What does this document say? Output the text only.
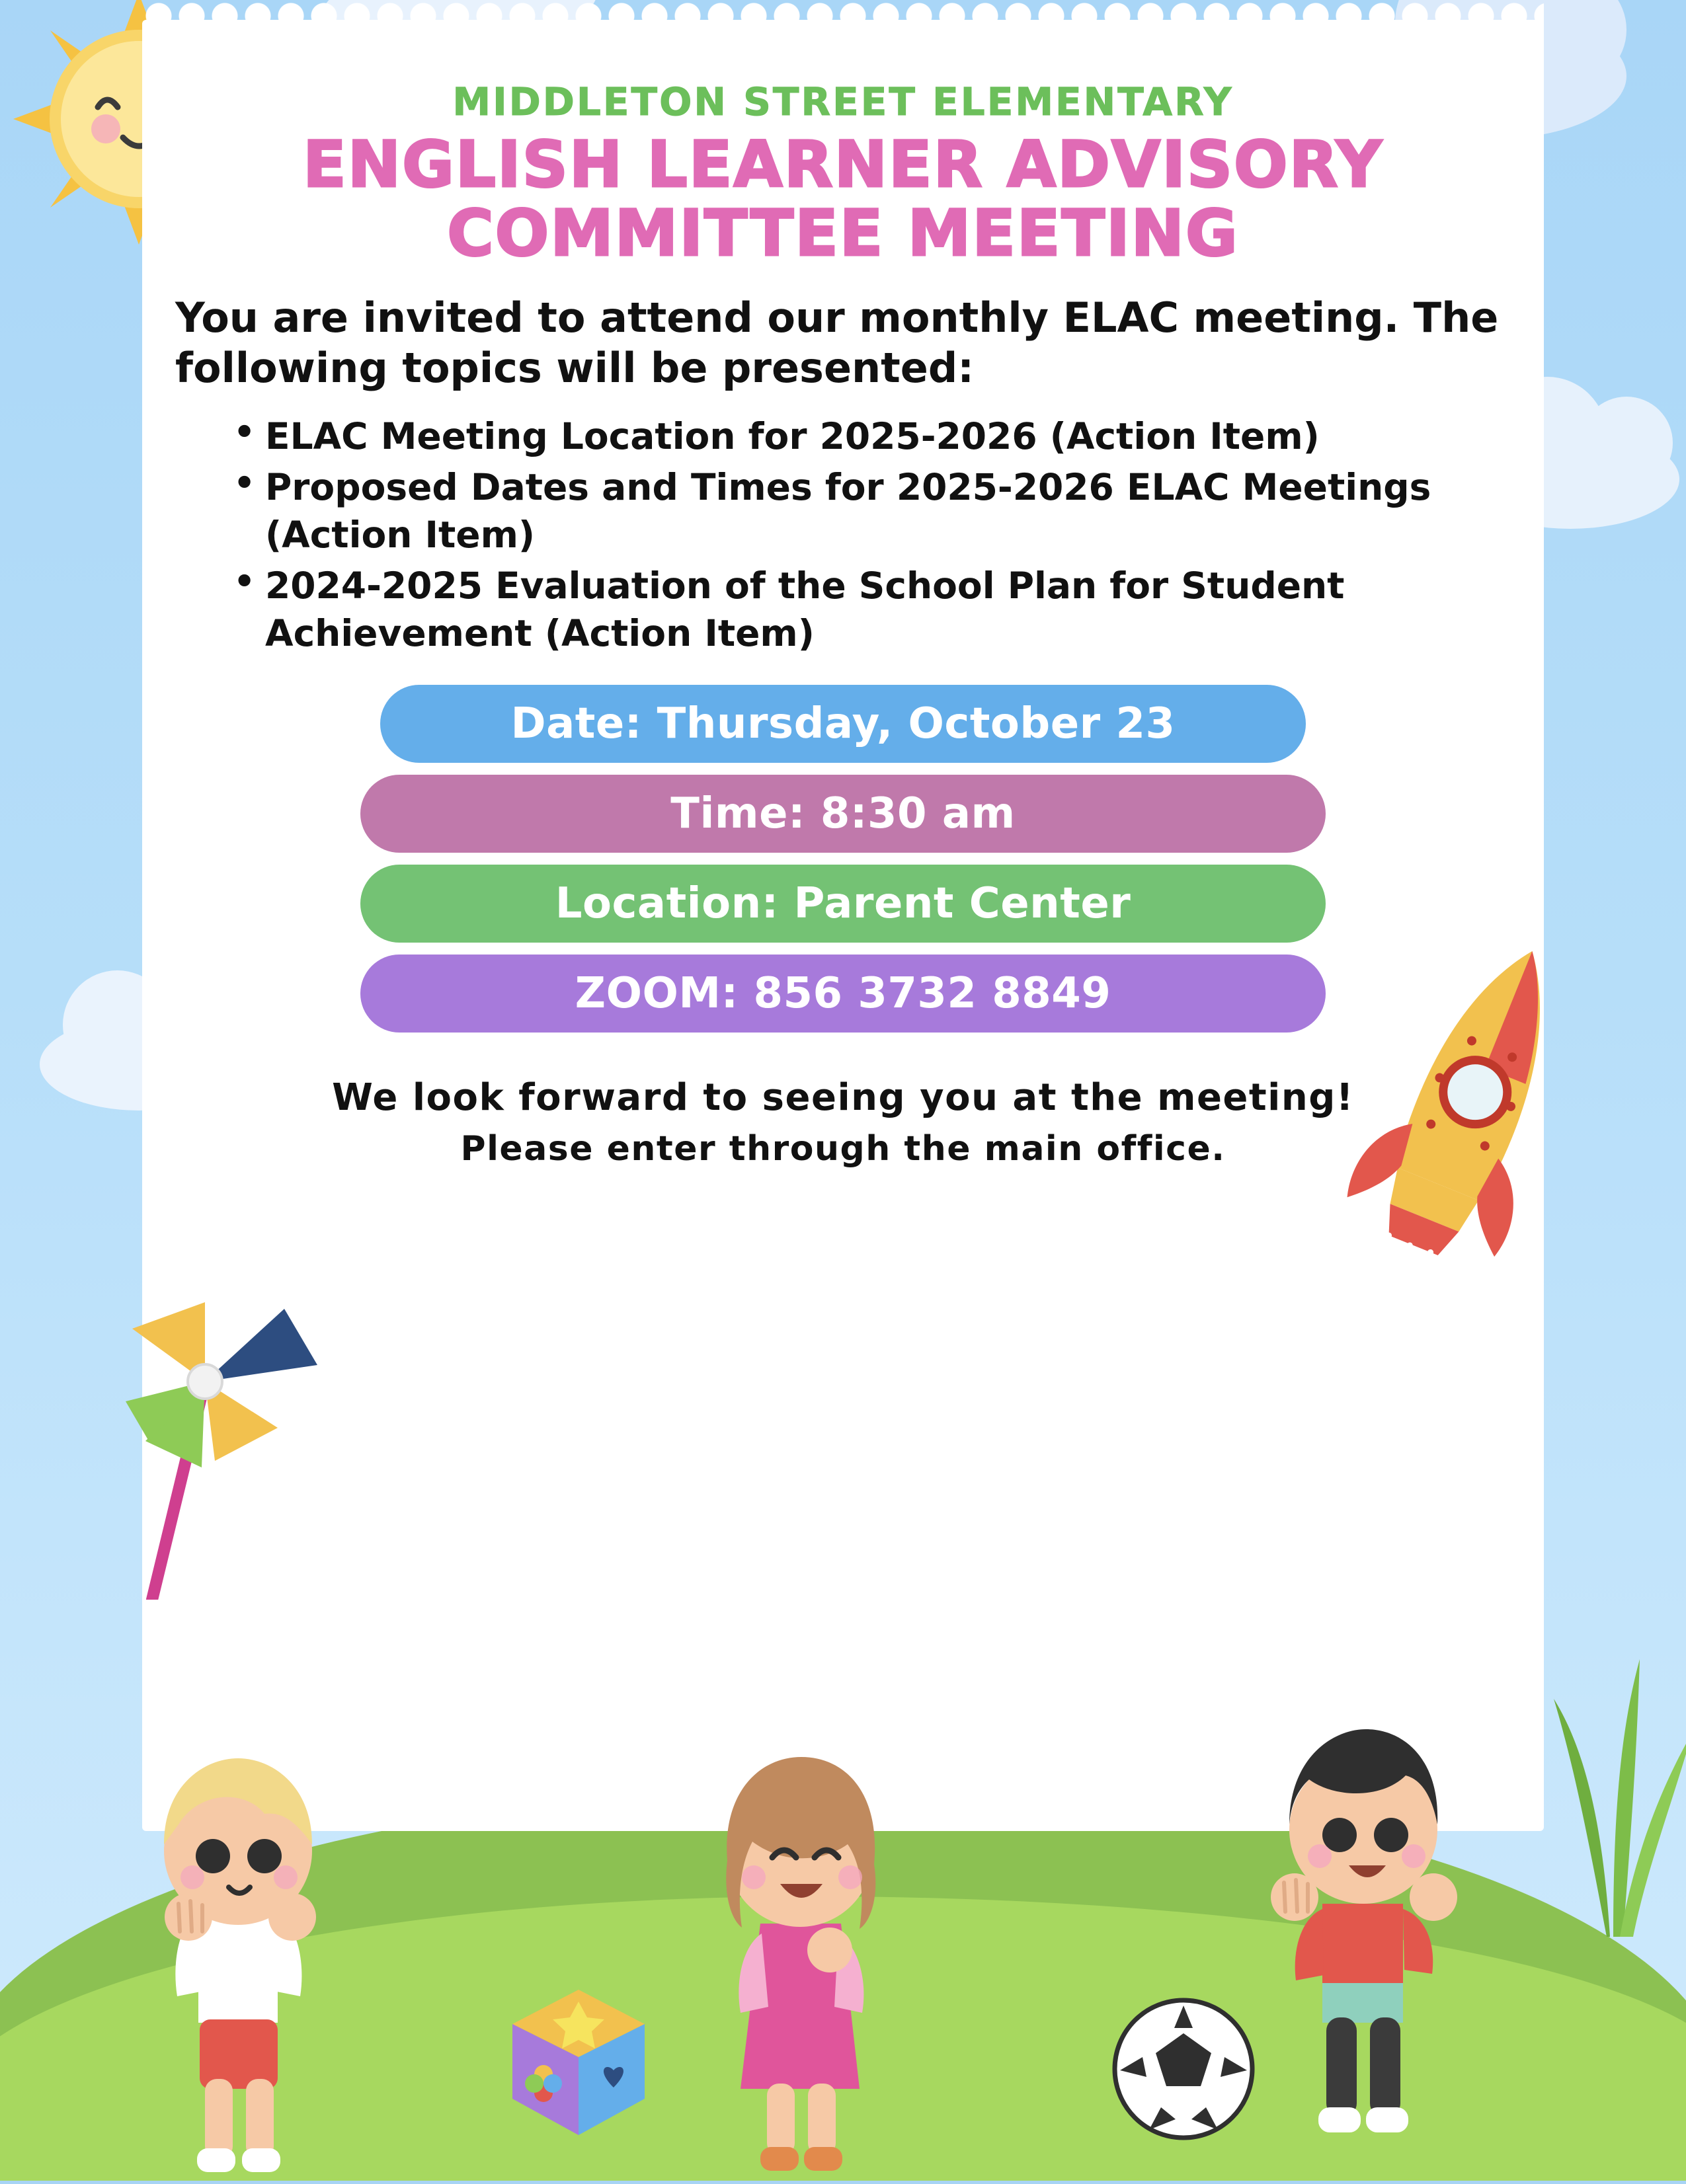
MIDDLETON STREET ELEMENTARY
ENGLISH LEARNER ADVISORY
COMMITTEE MEETING

You are invited to attend our monthly ELAC meeting. The following topics will be presented:

• ELAC Meeting Location for 2025-2026 (Action Item)
• Proposed Dates and Times for 2025-2026 ELAC Meetings (Action Item)
• 2024-2025 Evaluation of the School Plan for Student Achievement (Action Item)
Date: Thursday, October 23
Time: 8:30 am
Location: Parent Center
ZOOM: 856 3732 8849
We look forward to seeing you at the meeting!
Please enter through the main office.
